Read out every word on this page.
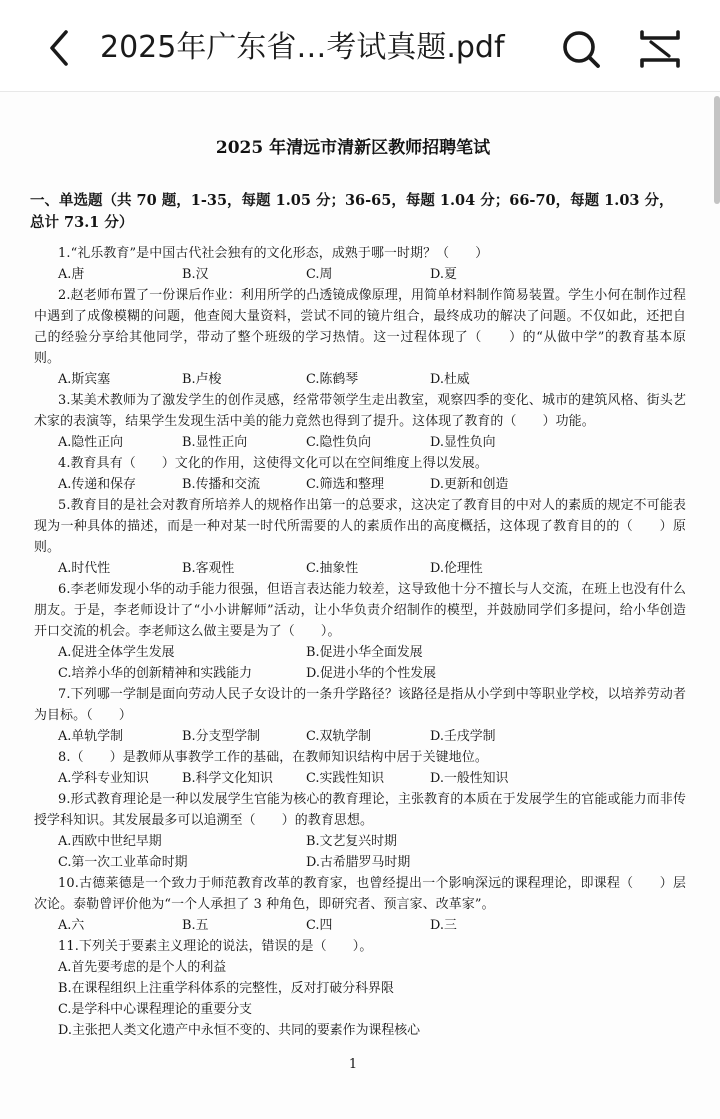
2025年广东省…考试真题.pdf
2025 年清远市清新区教师招聘笔试
一、单选题（共 70 题，1-35，每题 1.05 分；36-65，每题 1.04 分；66-70，每题 1.03 分，总计 73.1 分）
1.“礼乐教育”是中国古代社会独有的文化形态，成熟于哪一时期？（　　）
A.唐	B.汉	C.周	D.夏
2.赵老师布置了一份课后作业：利用所学的凸透镜成像原理，用简单材料制作简易装置。学生小何在制作过程中遇到了成像模糊的问题，他查阅大量资料，尝试不同的镜片组合，最终成功的解决了问题。不仅如此，还把自己的经验分享给其他同学，带动了整个班级的学习热情。这一过程体现了（　　）的“从做中学”的教育基本原则。
A.斯宾塞	B.卢梭	C.陈鹤琴	D.杜威
3.某美术教师为了激发学生的创作灵感，经常带领学生走出教室，观察四季的变化、城市的建筑风格、街头艺术家的表演等，结果学生发现生活中美的能力竟然也得到了提升。这体现了教育的（　　）功能。
A.隐性正向	B.显性正向	C.隐性负向	D.显性负向
4.教育具有（　　）文化的作用，这使得文化可以在空间维度上得以发展。
A.传递和保存	B.传播和交流	C.筛选和整理	D.更新和创造
5.教育目的是社会对教育所培养人的规格作出第一的总要求，这决定了教育目的中对人的素质的规定不可能表现为一种具体的描述，而是一种对某一时代所需要的人的素质作出的高度概括，这体现了教育目的的（　　）原则。
A.时代性	B.客观性	C.抽象性	D.伦理性
6.李老师发现小华的动手能力很强，但语言表达能力较差，这导致他十分不擅长与人交流，在班上也没有什么朋友。于是，李老师设计了“小小讲解师”活动，让小华负责介绍制作的模型，并鼓励同学们多提问，给小华创造开口交流的机会。李老师这么做主要是为了（　　）。
A.促进全体学生发展	B.促进小华全面发展
C.培养小华的创新精神和实践能力	D.促进小华的个性发展
7.下列哪一学制是面向劳动人民子女设计的一条升学路径？该路径是指从小学到中等职业学校，以培养劳动者为目标。（　　）
A.单轨学制	B.分支型学制	C.双轨学制	D.壬戌学制
8.（　　）是教师从事教学工作的基础，在教师知识结构中居于关键地位。
A.学科专业知识	B.科学文化知识	C.实践性知识	D.一般性知识
9.形式教育理论是一种以发展学生官能为核心的教育理论，主张教育的本质在于发展学生的官能或能力而非传授学科知识。其发展最多可以追溯至（　　）的教育思想。
A.西欧中世纪早期	B.文艺复兴时期
C.第一次工业革命时期	D.古希腊罗马时期
10.古德莱德是一个致力于师范教育改革的教育家，也曾经提出一个影响深远的课程理论，即课程（　　）层次论。泰勒曾评价他为“一个人承担了 3 种角色，即研究者、预言家、改革家”。
A.六	B.五	C.四	D.三
11.下列关于要素主义理论的说法，错误的是（　　）。
A.首先要考虑的是个人的利益
B.在课程组织上注重学科体系的完整性，反对打破分科界限
C.是学科中心课程理论的重要分支
D.主张把人类文化遗产中永恒不变的、共同的要素作为课程核心
1
